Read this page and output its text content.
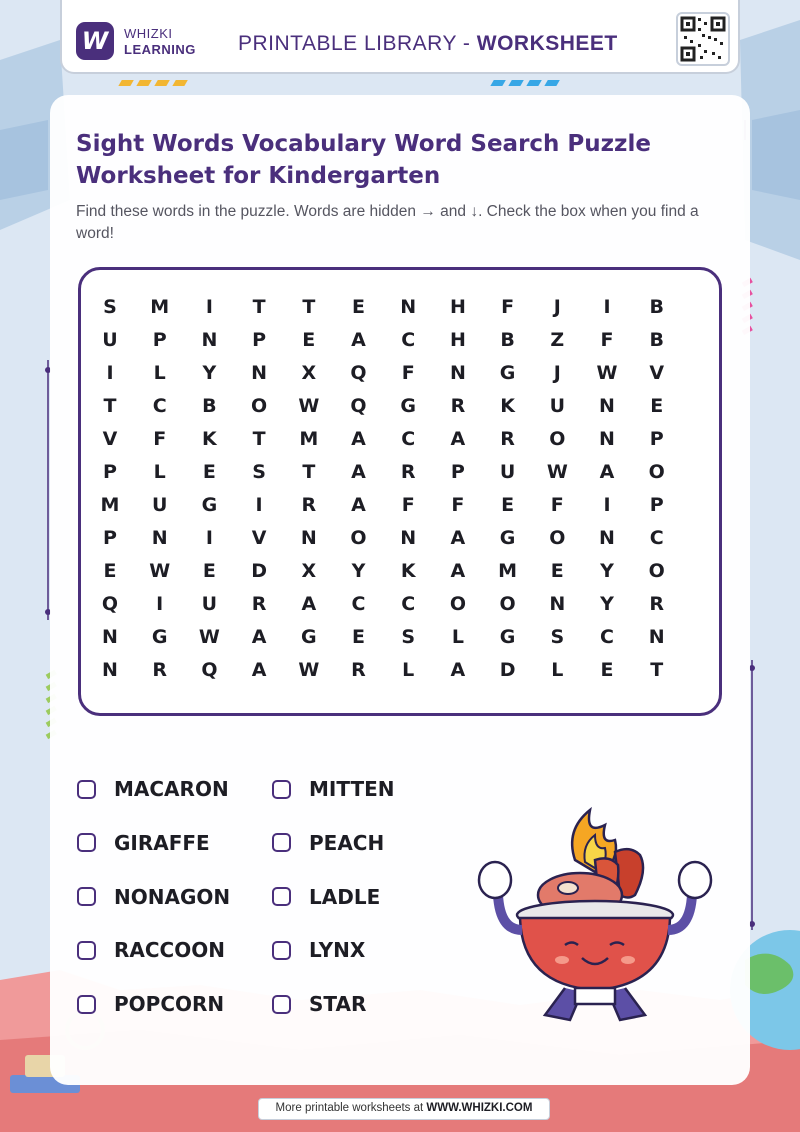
W	WHIZKI
LEARNING PRINTABLE LIBRARY - WORKSHEET
Sight Words Vocabulary Word Search Puzzle Worksheet for Kindergarten
Find these words in the puzzle. Words are hidden → and ↓. Check the box when you find a word!
S	M	I	T	T	E	N	H	F	J	I	B
U	P	N	P	E	A	C	H	B	Z	F	B
I	L	Y	N	X	Q	F	N	G	J	W	V
T	C	B	O	W	Q	G	R	K	U	N	E
V	F	K	T	M	A	C	A	R	O	N	P
P	L	E	S	T	A	R	P	U	W	A	O
M	U	G	I	R	A	F	F	E	F	I	P
P	N	I	V	N	O	N	A	G	O	N	C
E	W	E	D	X	Y	K	A	M	E	Y	O
Q	I	U	R	A	C	C	O	O	N	Y	R
N	G	W	A	G	E	S	L	G	S	C	N
N	R	Q	A	W	R	L	A	D	L	E	T
MACARON
GIRAFFE
NONAGON
RACCOON
POPCORN
MITTEN
PEACH
LADLE
LYNX
STAR
More printable worksheets at WWW.WHIZKI.COM
